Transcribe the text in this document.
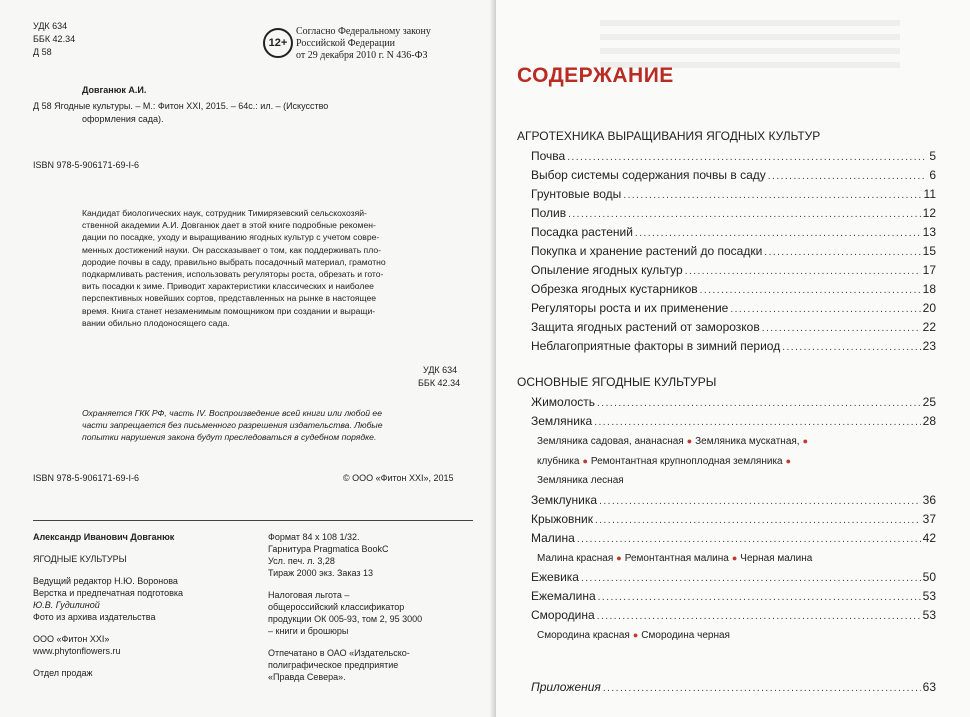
УДК 634

ББК 42.34

Д 58

12+
Согласно Федеральному закону
Российской Федерации
от 29 декабря 2010 г. N 436-ФЗ

Довганюк А.И.

Д 58 Ягодные культуры. – М.: Фитон XXI, 2015. – 64с.: ил. – (Искусство

оформления сада).

ISBN 978-5-906171-69-I-6

Кандидат биологических наук, сотрудник Тимирязевский сельскохозяй-
ственной академии А.И. Довганюк дает в этой книге подробные рекомен-
дации по посадке, уходу и выращиванию ягодных культур с учетом совре-
менных достижений науки. Он рассказывает о том, как поддерживать пло-
дородие почвы в саду, правильно выбрать посадочный материал, грамотно
подкармливать растения, использовать регуляторы роста, обрезать и гото-
вить посадки к зиме. Приводит характеристики классических и наиболее
перспективных новейших сортов, представленных на рынке в настоящее
время. Книга станет незаменимым помощником при создании и выращи-
вании обильно плодоносящего сада.

УДК 634

ББК 42.34

Охраняется ГКК РФ, часть IV. Воспроизведение всей книги или любой ее
части запрещается без письменного разрешения издательства. Любые
попытки нарушения закона будут преследоваться в судебном порядке.

ISBN 978-5-906171-69-I-6	© ООО «Фитон XXI», 2015

Александр Иванович Довганюк
ЯГОДНЫЕ КУЛЬТУРЫ
Ведущий редактор Н.Ю. Воронова
Верстка и предпечатная подготовка
Ю.В. Гудилиной
Фото из архива издательства
ООО «Фитон XXI»
www.phytonflowers.ru
Отдел продаж
Формат 84 х 108 1/32.
Гарнитура Pragmatica BookC
Усл. печ. л. 3,28
Тираж 2000 экз. Заказ 13
Налоговая льгота –
общероссийский классификатор
продукции ОК 005-93, том 2, 95 3000
– книги и брошюры
Отпечатано в ОАО «Издательско-
полиграфическое предприятие
«Правда Севера».
СОДЕРЖАНИЕ
АГРОТЕХНИКА ВЫРАЩИВАНИЯ ЯГОДНЫХ КУЛЬТУР
Почва .....	5
Выбор системы содержания почвы в саду .....	6
Грунтовые воды .....	11
Полив .....	12
Посадка растений .....	13
Покупка и хранение растений до посадки .....	15
Опыление ягодных культур .....	17
Обрезка ягодных кустарников .....	18
Регуляторы роста и их применение .....	20
Защита ягодных растений от заморозков .....	22
Неблагоприятные факторы в зимний период .....	23
ОСНОВНЫЕ ЯГОДНЫЕ КУЛЬТУРЫ
Жимолость .....	25
Земляника .....	28
Земляника садовая, ананасная ● Земляника мускатная, ●
клубника ● Ремонтантная крупноплодная земляника ●
Земляника лесная
Земклуника .....	36
Крыжовник .....	37
Малина .....	42
Малина красная ● Ремонтантная малина ● Черная малина
Ежевика .....	50
Ежемалина .....	53
Смородина .....	53
Смородина красная ● Смородина черная
Приложения .....	63
